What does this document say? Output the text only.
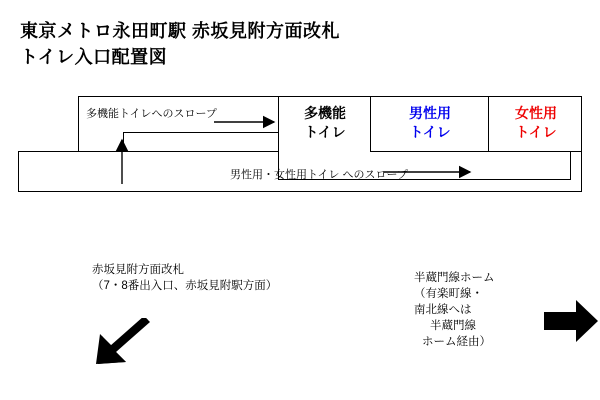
東京メトロ永田町駅 赤坂見附方面改札
トイレ入口配置図
多機能
トイレ
男性用
トイレ
女性用
トイレ
多機能トイレへのスロープ
男性用・女性用トイレ へのスロープ
赤坂見附方面改札
（7・8番出入口、赤坂見附駅方面）
半蔵門線ホーム
（有楽町線・
南北線へは
半蔵門線
ホーム経由）
